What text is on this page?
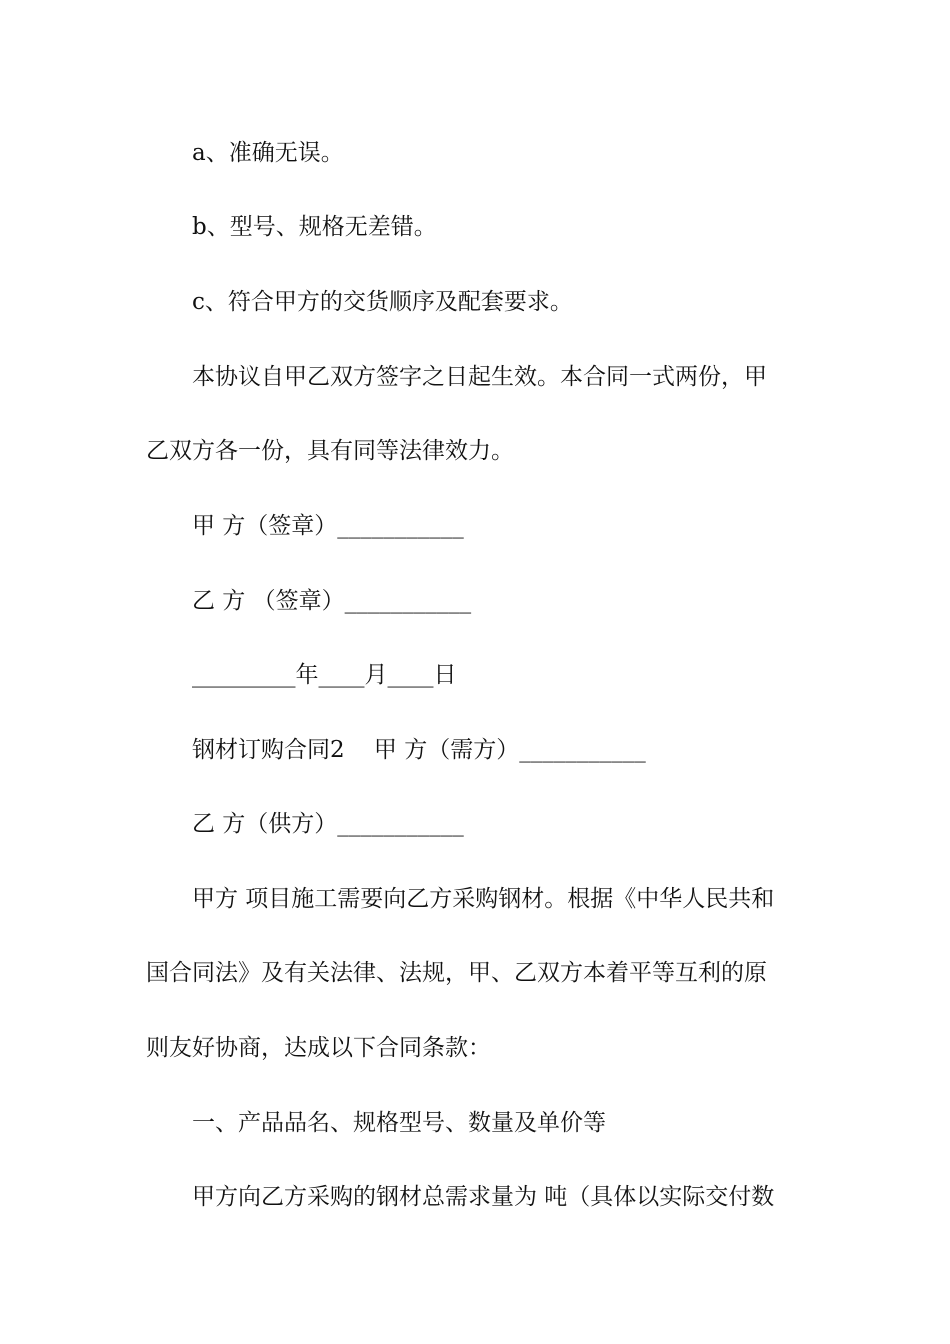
a、准确无误。
b、型号、规格无差错。
c、符合甲方的交货顺序及配套要求。
本协议自甲乙双方签字之日起生效。本合同一式两份，甲
乙双方各一份，具有同等法律效力。
甲 方（签章）___________
乙 方 （签章）___________
_________年____月____日
钢材订购合同2    甲 方（需方）___________
乙 方（供方）___________
甲方 项目施工需要向乙方采购钢材。根据《中华人民共和
国合同法》及有关法律、法规，甲、乙双方本着平等互利的原
则友好协商，达成以下合同条款：
一、产品品名、规格型号、数量及单价等
甲方向乙方采购的钢材总需求量为 吨（具体以实际交付数
